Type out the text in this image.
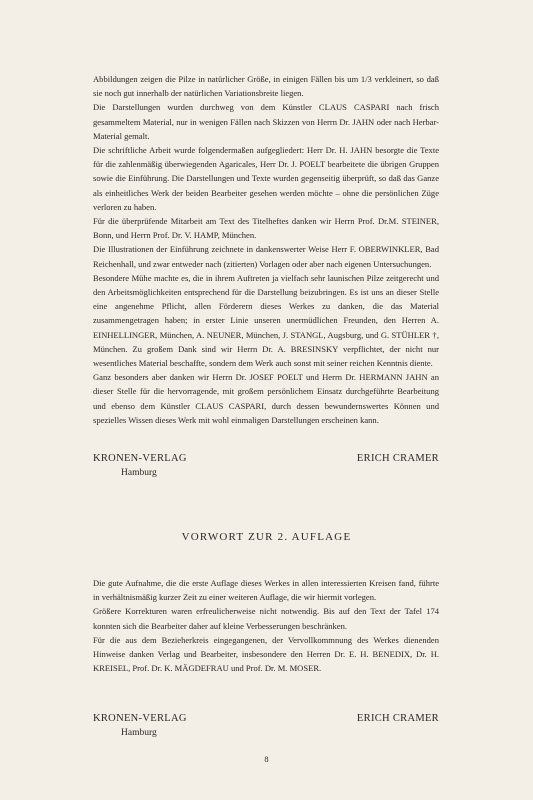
Abbildungen zeigen die Pilze in natürlicher Größe, in einigen Fällen bis um 1/3 verkleinert, so daß sie noch gut innerhalb der natürlichen Variationsbreite liegen.

Die Darstellungen wurden durchweg von dem Künstler CLAUS CASPARI nach frisch gesammeltem Material, nur in wenigen Fällen nach Skizzen von Herrn Dr. JAHN oder nach Herbar-Material gemalt.

Die schriftliche Arbeit wurde folgendermaßen aufgegliedert: Herr Dr. H. JAHN besorgte die Texte für die zahlenmäßig überwiegenden Agaricales, Herr Dr. J. POELT bearbeitete die übrigen Gruppen sowie die Einführung. Die Darstellungen und Texte wurden gegenseitig überprüft, so daß das Ganze als einheitliches Werk der beiden Bearbeiter gesehen werden möchte – ohne die persönlichen Züge verloren zu haben.

Für die überprüfende Mitarbeit am Text des Titelheftes danken wir Herrn Prof. Dr.M. STEINER, Bonn, und Herrn Prof. Dr. V. HAMP, München.

Die Illustrationen der Einführung zeichnete in dankenswerter Weise Herr F. OBERWINKLER, Bad Reichenhall, und zwar entweder nach (zitierten) Vorlagen oder aber nach eigenen Untersuchungen.

Besondere Mühe machte es, die in ihrem Auftreten ja vielfach sehr launischen Pilze zeitgerecht und den Arbeitsmöglichkeiten entsprechend für die Darstellung beizubringen. Es ist uns an dieser Stelle eine angenehme Pflicht, allen Förderern dieses Werkes zu danken, die das Material zusammengetragen haben; in erster Linie unseren unermüdlichen Freunden, den Herren A. EINHELLINGER, München, A. NEUNER, München, J. STANGL, Augsburg, und G. STÜHLER †, München. Zu großem Dank sind wir Herrn Dr. A. BRESINSKY verpflichtet, der nicht nur wesentliches Material beschaffte, sondern dem Werk auch sonst mit seiner reichen Kenntnis diente.

Ganz besonders aber danken wir Herrn Dr. JOSEF POELT und Herrn Dr. HERMANN JAHN an dieser Stelle für die hervorragende, mit großem persönlichem Einsatz durchgeführte Bearbeitung und ebenso dem Künstler CLAUS CASPARI, durch dessen bewundernswertes Können und spezielles Wissen dieses Werk mit wohl einmaligen Darstellungen erscheinen kann.

KRONEN-VERLAG
Hamburg
ERICH CRAMER
VORWORT ZUR 2. AUFLAGE

Die gute Aufnahme, die die erste Auflage dieses Werkes in allen interessierten Kreisen fand, führte in verhältnismäßig kurzer Zeit zu einer weiteren Auflage, die wir hiermit vorlegen.

Größere Korrekturen waren erfreulicherweise nicht notwendig. Bis auf den Text der Tafel 174 konnten sich die Bearbeiter daher auf kleine Verbesserungen beschränken.

Für die aus dem Bezieherkreis eingegangenen, der Vervollkommnung des Werkes dienenden Hinweise danken Verlag und Bearbeiter, insbesondere den Herren Dr. E. H. BENEDIX, Dr. H. KREISEL, Prof. Dr. K. MÄGDEFRAU und Prof. Dr. M. MOSER.

KRONEN-VERLAG
Hamburg
ERICH CRAMER
8
